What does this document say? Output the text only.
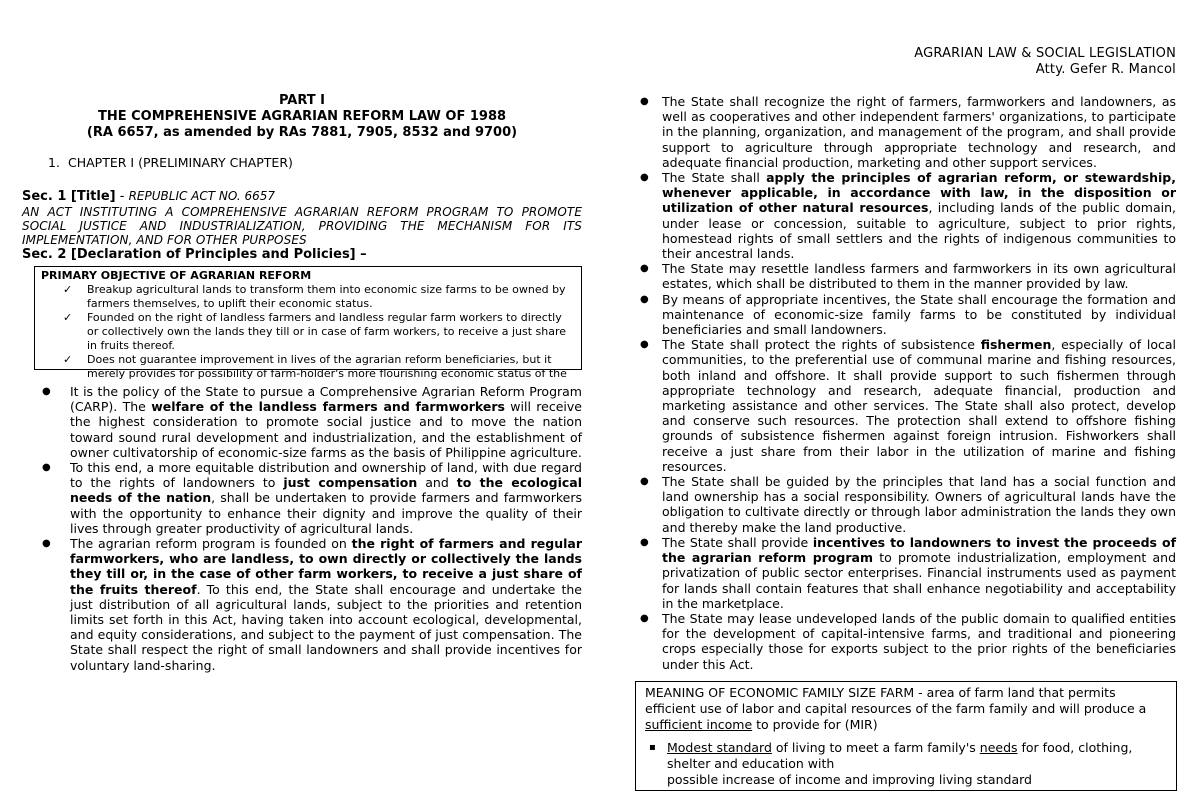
AGRARIAN LAW & SOCIAL LEGISLATION
Atty. Gefer R. Mancol
PART I
THE COMPREHENSIVE AGRARIAN REFORM LAW OF 1988
(RA 6657, as amended by RAs 7881, 7905, 8532 and 9700)
1. CHAPTER I (PRELIMINARY CHAPTER)
Sec. 1 [Title] - REPUBLIC ACT NO. 6657
AN ACT INSTITUTING A COMPREHENSIVE AGRARIAN REFORM PROGRAM TO PROMOTE SOCIAL JUSTICE AND INDUSTRIALIZATION, PROVIDING THE MECHANISM FOR ITS IMPLEMENTATION, AND FOR OTHER PURPOSES
Sec. 2 [Declaration of Principles and Policies] –
PRIMARY OBJECTIVE OF AGRARIAN REFORM
✓ Breakup agricultural lands to transform them into economic size farms to be owned by farmers themselves, to uplift their economic status.
✓ Founded on the right of landless farmers and landless regular farm workers to directly or collectively own the lands they till or in case of farm workers, to receive a just share in fruits thereof.
✓ Does not guarantee improvement in lives of the agrarian reform beneficiaries, but it merely provides for possibility of farm-holder's more flourishing economic status of the
● It is the policy of the State to pursue a Comprehensive Agrarian Reform Program (CARP). The welfare of the landless farmers and farmworkers will receive the highest consideration to promote social justice and to move the nation toward sound rural development and industrialization, and the establishment of owner cultivatorship of economic-size farms as the basis of Philippine agriculture.
● To this end, a more equitable distribution and ownership of land, with due regard to the rights of landowners to just compensation and to the ecological needs of the nation, shall be undertaken to provide farmers and farmworkers with the opportunity to enhance their dignity and improve the quality of their lives through greater productivity of agricultural lands.
● The agrarian reform program is founded on the right of farmers and regular farmworkers, who are landless, to own directly or collectively the lands they till or, in the case of other farm workers, to receive a just share of the fruits thereof. To this end, the State shall encourage and undertake the just distribution of all agricultural lands, subject to the priorities and retention limits set forth in this Act, having taken into account ecological, developmental, and equity considerations, and subject to the payment of just compensation. The State shall respect the right of small landowners and shall provide incentives for voluntary land-sharing.
● The State shall recognize the right of farmers, farmworkers and landowners, as well as cooperatives and other independent farmers' organizations, to participate in the planning, organization, and management of the program, and shall provide support to agriculture through appropriate technology and research, and adequate financial production, marketing and other support services.
● The State shall apply the principles of agrarian reform, or stewardship, whenever applicable, in accordance with law, in the disposition or utilization of other natural resources, including lands of the public domain, under lease or concession, suitable to agriculture, subject to prior rights, homestead rights of small settlers and the rights of indigenous communities to their ancestral lands.
● The State may resettle landless farmers and farmworkers in its own agricultural estates, which shall be distributed to them in the manner provided by law.
● By means of appropriate incentives, the State shall encourage the formation and maintenance of economic-size family farms to be constituted by individual beneficiaries and small landowners.
● The State shall protect the rights of subsistence fishermen, especially of local communities, to the preferential use of communal marine and fishing resources, both inland and offshore. It shall provide support to such fishermen through appropriate technology and research, adequate financial, production and marketing assistance and other services. The State shall also protect, develop and conserve such resources. The protection shall extend to offshore fishing grounds of subsistence fishermen against foreign intrusion. Fishworkers shall receive a just share from their labor in the utilization of marine and fishing resources.
● The State shall be guided by the principles that land has a social function and land ownership has a social responsibility. Owners of agricultural lands have the obligation to cultivate directly or through labor administration the lands they own and thereby make the land productive.
● The State shall provide incentives to landowners to invest the proceeds of the agrarian reform program to promote industrialization, employment and privatization of public sector enterprises. Financial instruments used as payment for lands shall contain features that shall enhance negotiability and acceptability in the marketplace.
● The State may lease undeveloped lands of the public domain to qualified entities for the development of capital-intensive farms, and traditional and pioneering crops especially those for exports subject to the prior rights of the beneficiaries under this Act.

MEANING OF ECONOMIC FAMILY SIZE FARM - area of farm land that permits efficient use of labor and capital resources of the farm family and will produce a sufficient income to provide for (MIR)

▪ Modest standard of living to meet a farm family's needs for food, clothing, shelter and education with
possible increase of income and improving living standard
